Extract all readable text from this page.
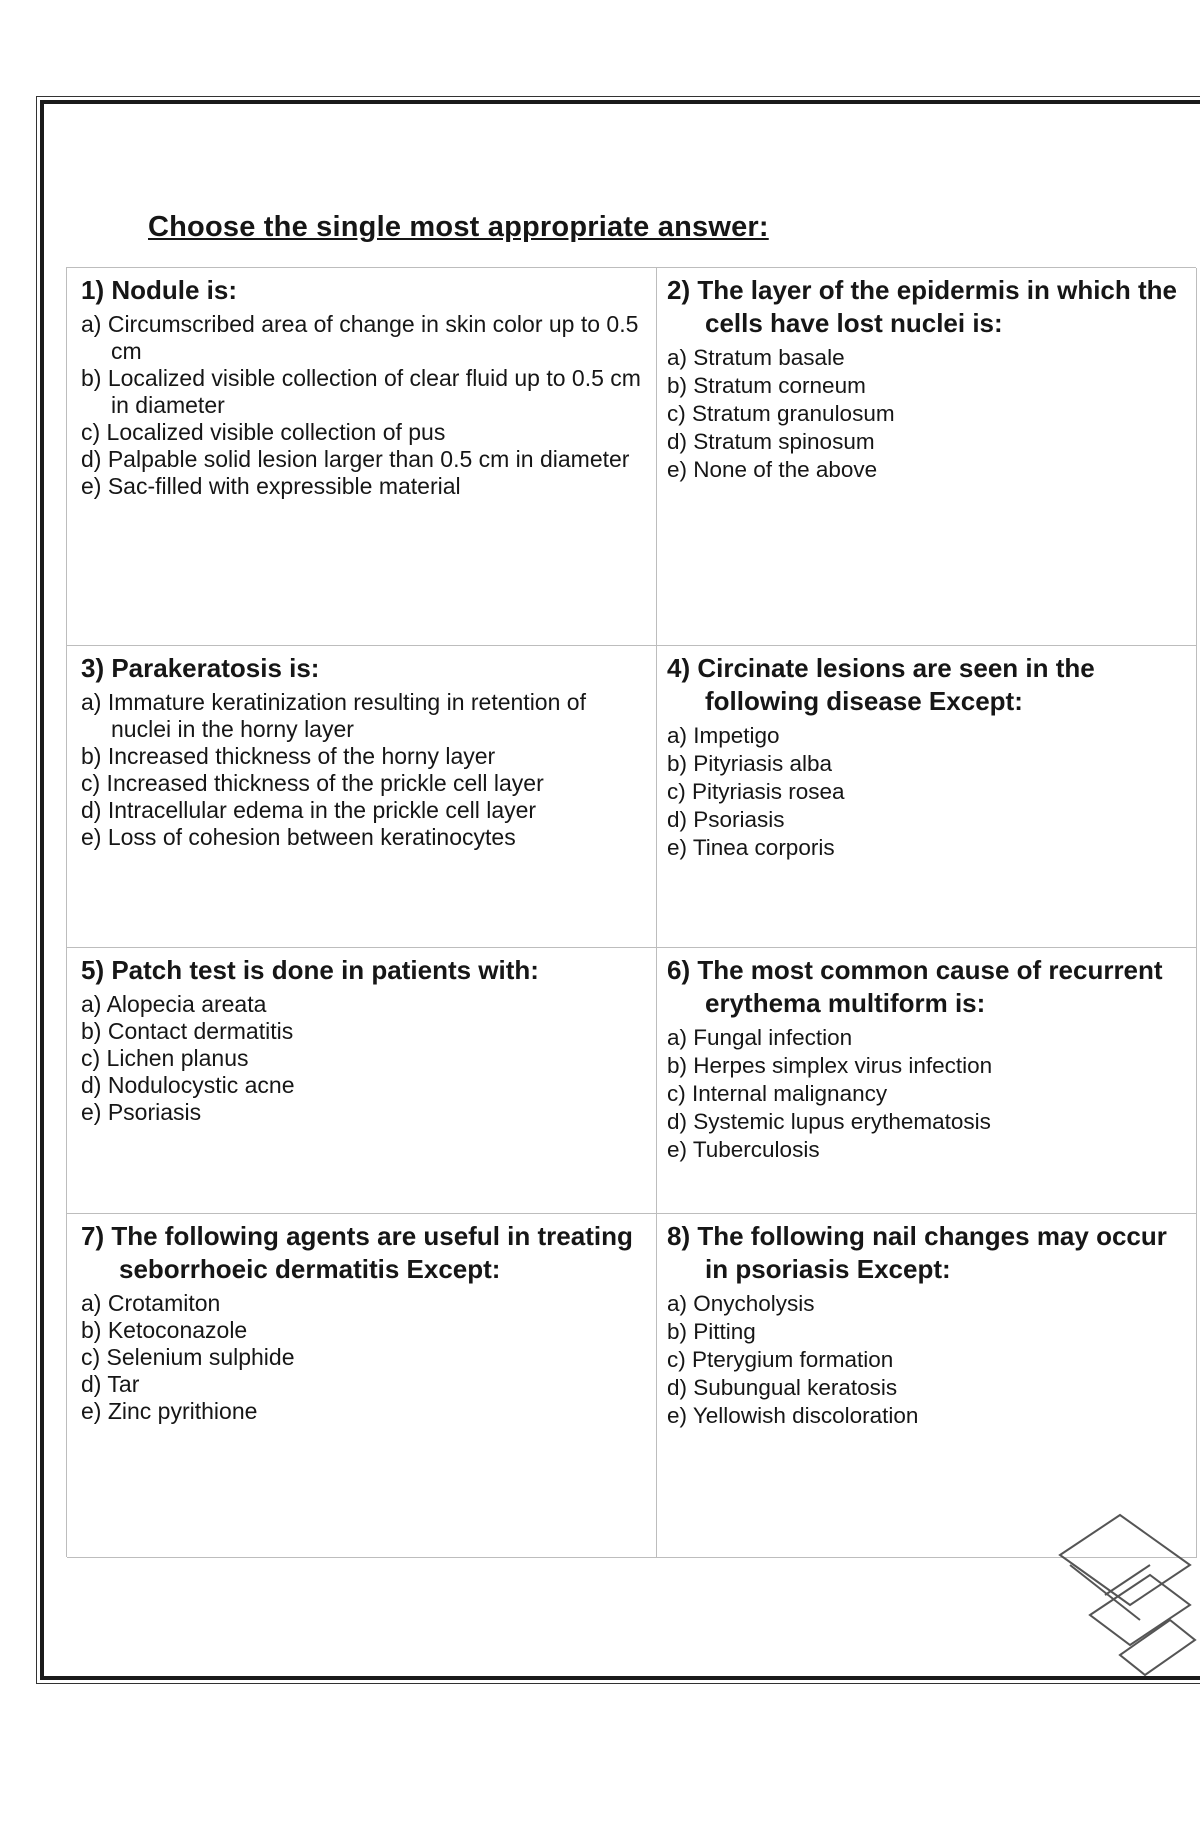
Choose the single most appropriate answer:
1) Nodule is:
a) Circumscribed area of change in skin color up to 0.5 cm
b) Localized visible collection of clear fluid up to 0.5 cm in diameter
c) Localized visible collection of pus
d) Palpable solid lesion larger than 0.5 cm in diameter
e) Sac-filled with expressible material
2) The layer of the epidermis in which the cells have lost nuclei is:
a) Stratum basale
b) Stratum corneum
c) Stratum granulosum
d) Stratum spinosum
e) None of the above
3) Parakeratosis is:
a) Immature keratinization resulting in retention of nuclei in the horny layer
b) Increased thickness of the horny layer
c) Increased thickness of the prickle cell layer
d) Intracellular edema in the prickle cell layer
e) Loss of cohesion between keratinocytes
4) Circinate lesions are seen in the following disease Except:
a) Impetigo
b) Pityriasis alba
c) Pityriasis rosea
d) Psoriasis
e) Tinea corporis
5) Patch test is done in patients with:
a) Alopecia areata
b) Contact dermatitis
c) Lichen planus
d) Nodulocystic acne
e) Psoriasis
6) The most common cause of recurrent erythema multiform is:
a) Fungal infection
b) Herpes simplex virus infection
c) Internal malignancy
d) Systemic lupus erythematosis
e) Tuberculosis
7) The following agents are useful in treating seborrhoeic dermatitis Except:
a) Crotamiton
b) Ketoconazole
c) Selenium sulphide
d) Tar
e) Zinc pyrithione
8) The following nail changes may occur in psoriasis Except:
a) Onycholysis
b) Pitting
c) Pterygium formation
d) Subungual keratosis
e) Yellowish discoloration
